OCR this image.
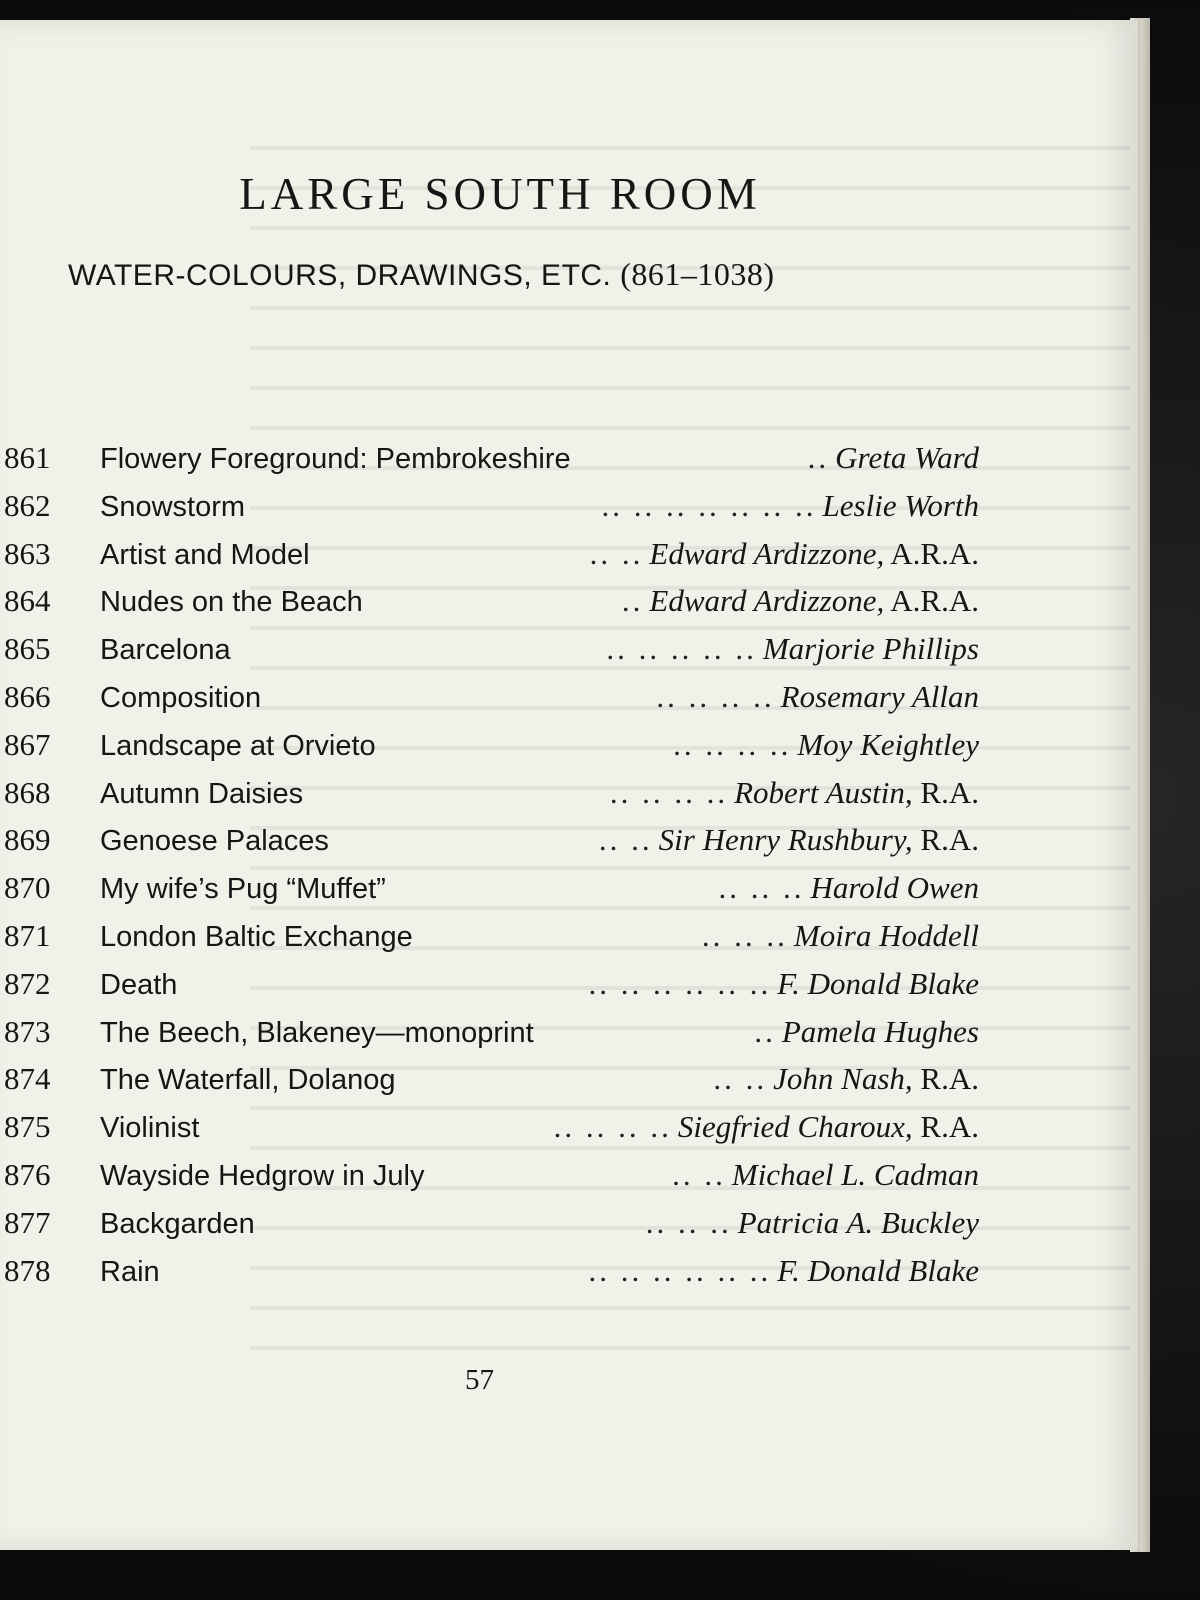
LARGE SOUTH ROOM
WATER-COLOURS, DRAWINGS, ETC. (861–1038)
861	Flowery Foreground: Pembrokeshire	.. Greta Ward
862	Snowstorm	.. .. .. .. .. .. .. Leslie Worth
863	Artist and Model	.. .. Edward Ardizzone, A.R.A.
864	Nudes on the Beach	.. Edward Ardizzone, A.R.A.
865	Barcelona	.. .. .. .. .. Marjorie Phillips
866	Composition	.. .. .. .. Rosemary Allan
867	Landscape at Orvieto	.. .. .. .. Moy Keightley
868	Autumn Daisies	.. .. .. .. Robert Austin, R.A.
869	Genoese Palaces	.. .. Sir Henry Rushbury, R.A.
870	My wife’s Pug “Muffet”	.. .. .. Harold Owen
871	London Baltic Exchange	.. .. .. Moira Hoddell
872	Death	.. .. .. .. .. .. F. Donald Blake
873	The Beech, Blakeney—monoprint	.. Pamela Hughes
874	The Waterfall, Dolanog	.. .. John Nash, R.A.
875	Violinist	.. .. .. .. Siegfried Charoux, R.A.
876	Wayside Hedgrow in July	.. .. Michael L. Cadman
877	Backgarden	.. .. .. Patricia A. Buckley
878	Rain	.. .. .. .. .. .. F. Donald Blake
57
